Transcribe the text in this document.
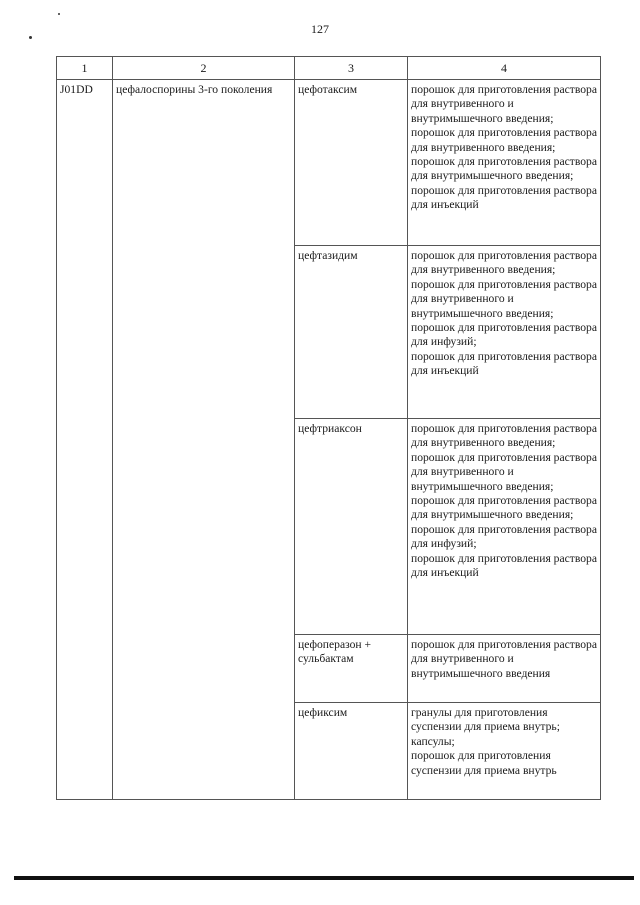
127
1	2	3	4
J01DD	цефалоспорины 3-го поколения	цефотаксим	порошок для приготовления раствора для внутривенного и внутримышечного введения;
порошок для приготовления раствора для внутривенного введения;
порошок для приготовления раствора для внутримышечного введения;
порошок для приготовления раствора для инъекций
		цефтазидим	порошок для приготовления раствора для внутривенного введения;
порошок для приготовления раствора для внутривенного и внутримышечного введения;
порошок для приготовления раствора для инфузий;
порошок для приготовления раствора для инъекций
		цефтриаксон	порошок для приготовления раствора для внутривенного введения;
порошок для приготовления раствора для внутривенного и внутримышечного введения;
порошок для приготовления раствора для внутримышечного введения;
порошок для приготовления раствора для инфузий;
порошок для приготовления раствора для инъекций
		цефоперазон + сульбактам	порошок для приготовления раствора для внутривенного и внутримышечного введения
		цефиксим	гранулы для приготовления суспензии для приема внутрь;
капсулы;
порошок для приготовления суспензии для приема внутрь
